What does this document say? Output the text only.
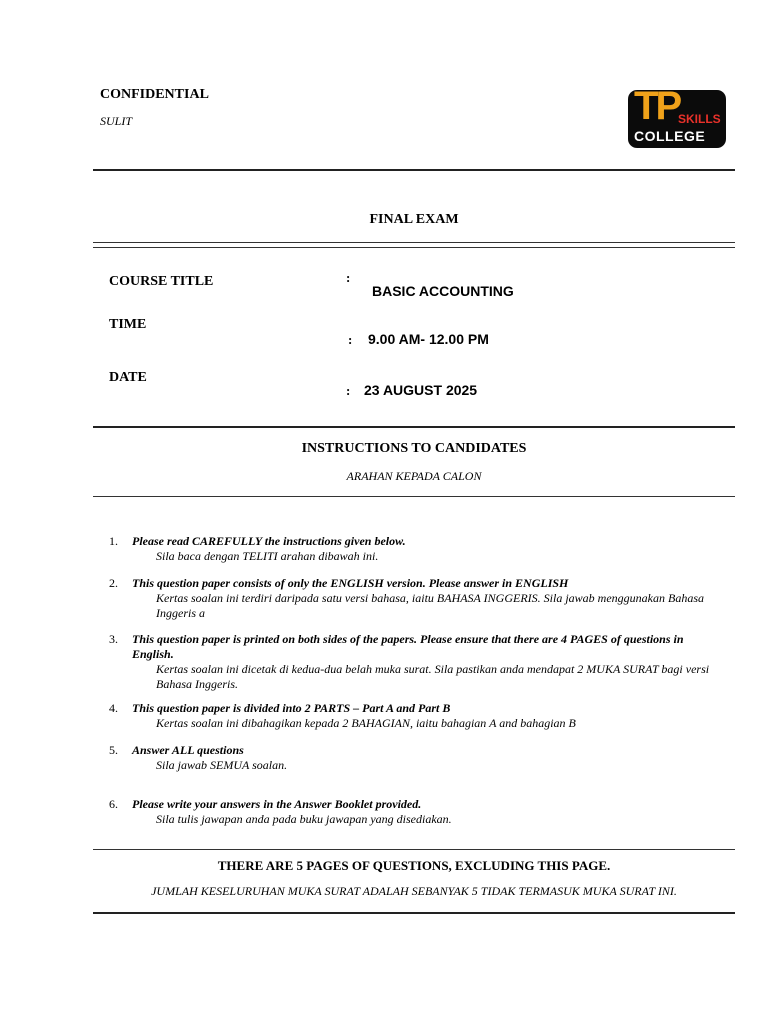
CONFIDENTIAL
SULIT	TP
SKILLS
COLLEGE
FINAL EXAM
COURSE TITLE	:
BASIC ACCOUNTING
TIME
: 9.00 AM- 12.00 PM
DATE
: 23 AUGUST 2025
INSTRUCTIONS TO CANDIDATES
ARAHAN KEPADA CALON
1. Please read CAREFULLY the instructions given below.
Sila baca dengan TELITI arahan dibawah ini.
2. This question paper consists of only the ENGLISH version. Please answer in ENGLISH
Kertas soalan ini terdiri daripada satu versi bahasa, iaitu BAHASA INGGERIS. Sila jawab menggunakan Bahasa Inggeris a
3. This question paper is printed on both sides of the papers. Please ensure that there are 4 PAGES of questions in English.
Kertas soalan ini dicetak di kedua-dua belah muka surat. Sila pastikan anda mendapat 2 MUKA SURAT bagi versi Bahasa Inggeris.
4. This question paper is divided into 2 PARTS – Part A and Part B
Kertas soalan ini dibahagikan kepada 2 BAHAGIAN, iaitu bahagian A and bahagian B
5. Answer ALL questions
Sila jawab SEMUA soalan.
6. Please write your answers in the Answer Booklet provided.
Sila tulis jawapan anda pada buku jawapan yang disediakan.
THERE ARE 5 PAGES OF QUESTIONS, EXCLUDING THIS PAGE.
JUMLAH KESELURUHAN MUKA SURAT ADALAH SEBANYAK 5 TIDAK TERMASUK MUKA SURAT INI.
